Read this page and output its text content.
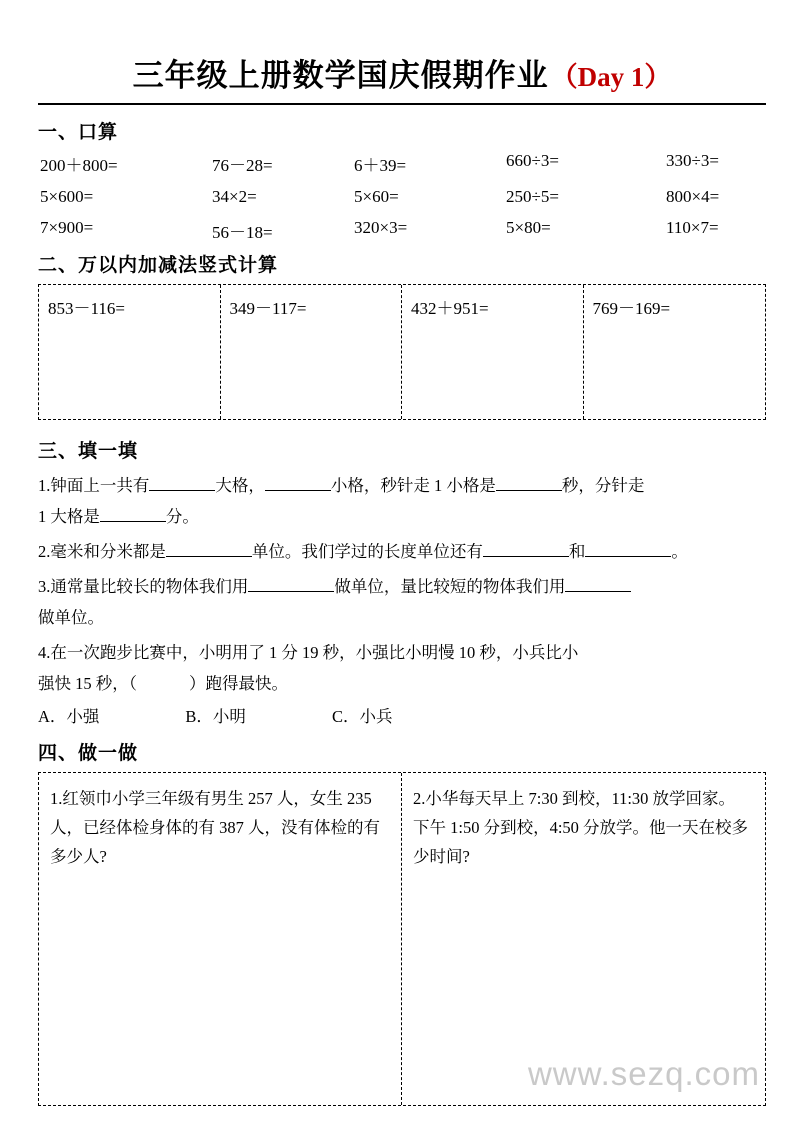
三年级上册数学国庆假期作业 （Day 1）
一、口算
200＋800=	76－28=	6＋39=	660÷3=	330÷3=
5×600=	34×2=	5×60=	250÷5=	800×4=
7×900=	56－18=	320×3=	5×80=	110×7=
二、万以内加减法竖式计算
853－116=	349－117=	432＋951=	769－169=
三、填一填

1.钟面上一共有	大格，	小格，秒针走 1 小格是	秒，分针走

1 大格是	分。

2.毫米和分米都是	单位。我们学过的长度单位还有	和	。

3.通常量比较长的物体我们用	做单位，量比较短的物体我们用

做单位。

4.在一次跑步比赛中，小明用了 1 分 19 秒，小强比小明慢 10 秒，小兵比小

强快 15 秒，（	）跑得最快。

A．小强	B．小明	C．小兵
四、做一做

1.红领巾小学三年级有男生 257 人，女生 235 人，已经体检身体的有 387 人，没有体检的有多少人?

2.小华每天早上 7:30 到校，11:30 放学回家。下午 1:50 分到校，4:50 分放学。他一天在校多少时间?

www.sezq.com
